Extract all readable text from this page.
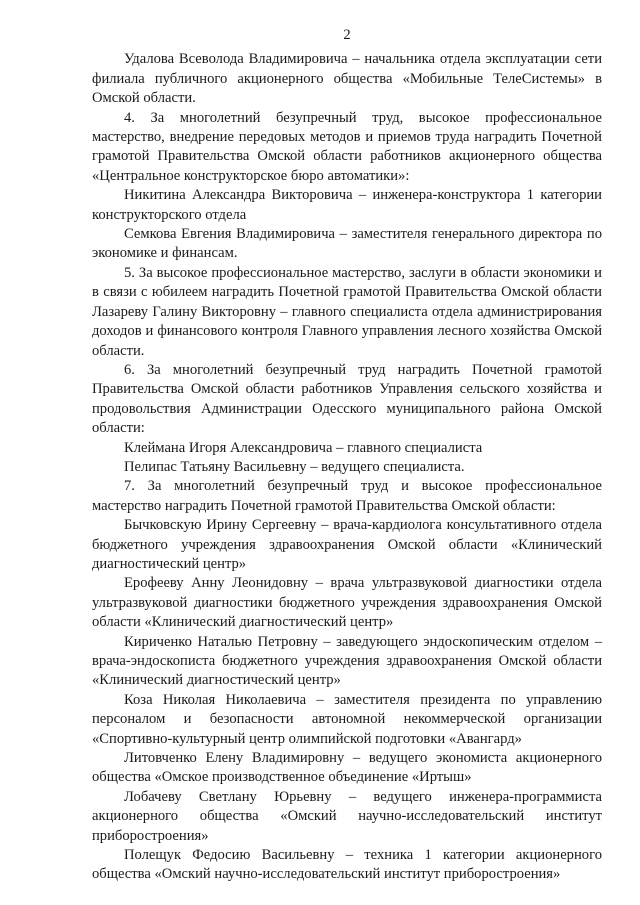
2

Удалова Всеволода Владимировича – начальника отдела эксплуатации сети филиала публичного акционерного общества «Мобильные ТелеСистемы» в Омской области.

4. За многолетний безупречный труд, высокое профессиональное мастерство, внедрение передовых методов и приемов труда наградить Почетной грамотой Правительства Омской области работников акционерного общества «Центральное конструкторское бюро автоматики»:

Никитина Александра Викторовича – инженера-конструктора 1 категории конструкторского отдела

Семкова Евгения Владимировича – заместителя генерального директора по экономике и финансам.

5. За высокое профессиональное мастерство, заслуги в области экономики и в связи с юбилеем наградить Почетной грамотой Правительства Омской области Лазареву Галину Викторовну – главного специалиста отдела администрирования доходов и финансового контроля Главного управления лесного хозяйства Омской области.

6. За многолетний безупречный труд наградить Почетной грамотой Правительства Омской области работников Управления сельского хозяйства и продовольствия Администрации Одесского муниципального района Омской области:

Клеймана Игоря Александровича – главного специалиста

Пелипас Татьяну Васильевну – ведущего специалиста.

7. За многолетний безупречный труд и высокое профессиональное мастерство наградить Почетной грамотой Правительства Омской области:

Бычковскую Ирину Сергеевну – врача-кардиолога консультативного отдела бюджетного учреждения здравоохранения Омской области «Клинический диагностический центр»

Ерофееву Анну Леонидовну – врача ультразвуковой диагностики отдела ультразвуковой диагностики бюджетного учреждения здравоохранения Омской области «Клинический диагностический центр»

Кириченко Наталью Петровну – заведующего эндоскопическим отделом – врача-эндоскописта бюджетного учреждения здравоохранения Омской области «Клинический диагностический центр»

Коза Николая Николаевича – заместителя президента по управлению персоналом и безопасности автономной некоммерческой организации «Спортивно-культурный центр олимпийской подготовки «Авангард»

Литовченко Елену Владимировну – ведущего экономиста акционерного общества «Омское производственное объединение «Иртыш»

Лобачеву Светлану Юрьевну – ведущего инженера-программиста акционерного общества «Омский научно-исследовательский институт приборостроения»

Полещук Федосию Васильевну – техника 1 категории акционерного общества «Омский научно-исследовательский институт приборостроения»
